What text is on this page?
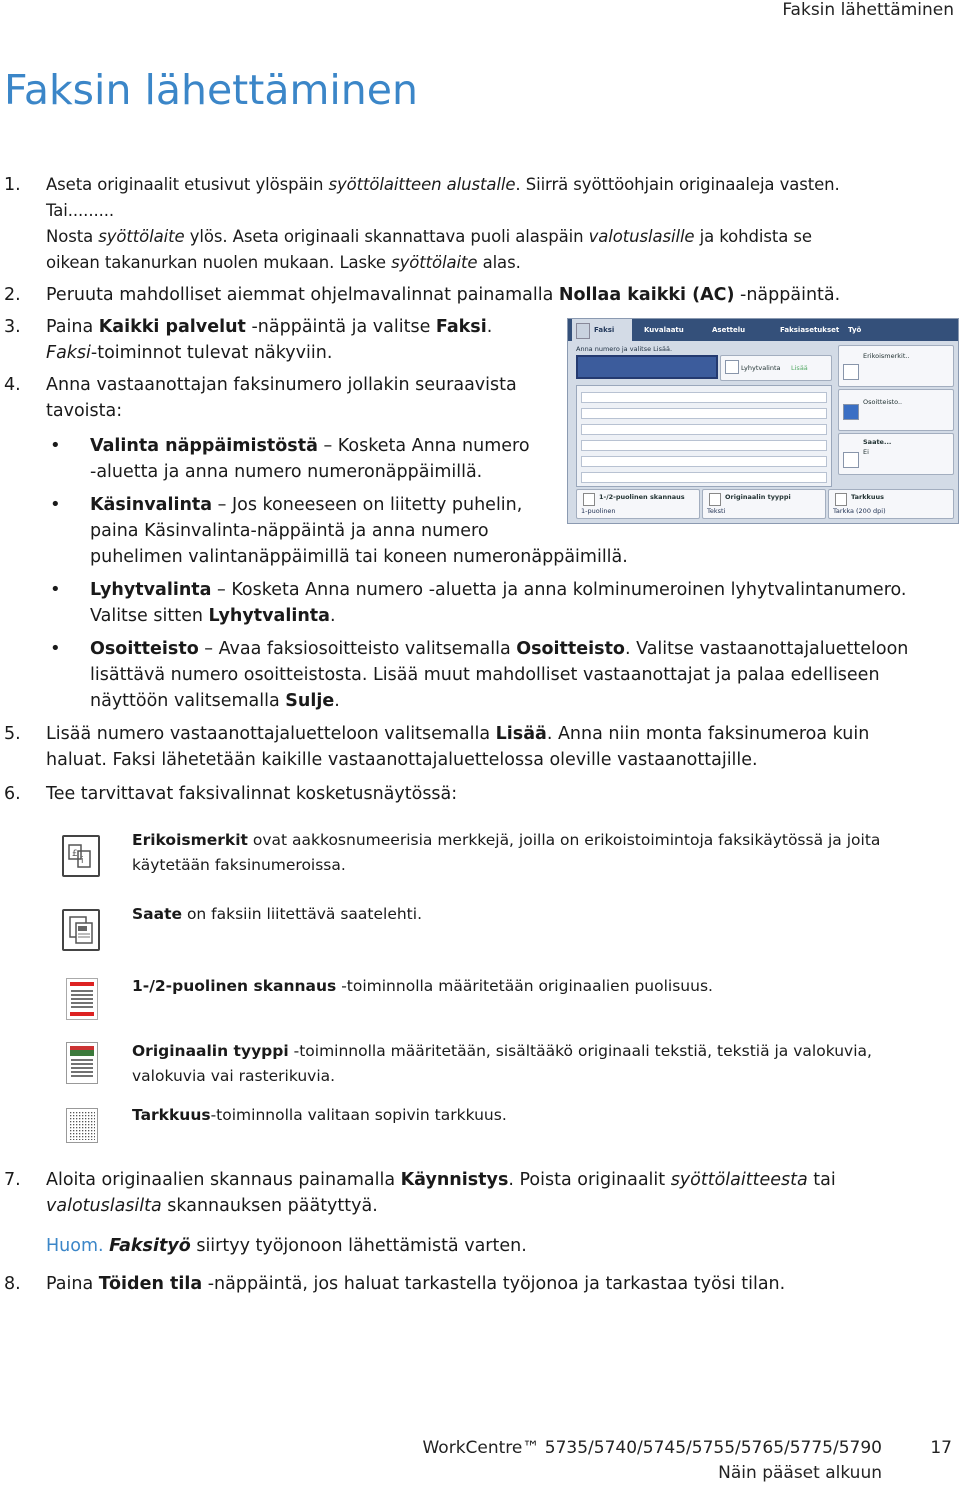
Faksin lähettäminen
Faksin lähettäminen
1.	Aseta originaalit etusivut ylöspäin syöttölaitteen alustalle. Siirrä syöttöohjain originaaleja vasten.
Tai.........
Nosta syöttölaite ylös. Aseta originaali skannattava puoli alaspäin valotuslasille ja kohdista se
oikean takanurkan nuolen mukaan. Laske syöttölaite alas.
2.	Peruuta mahdolliset aiemmat ohjelmavalinnat painamalla Nollaa kaikki (AC) -näppäintä.
3.	Paina Kaikki palvelut -näppäintä ja valitse Faksi.
Faksi-toiminnot tulevat näkyviin.
4.	Anna vastaanottajan faksinumero jollakin seuraavista
tavoista:
• Valinta näppäimistöstä – Kosketa Anna numero
-aluetta ja anna numero numeronäppäimillä.
• Käsinvalinta – Jos koneeseen on liitetty puhelin,
paina Käsinvalinta-näppäintä ja anna numero
puhelimen valintanäppäimillä tai koneen numeronäppäimillä.
• Lyhytvalinta – Kosketa Anna numero -aluetta ja anna kolminumeroinen lyhytvalintanumero.
Valitse sitten Lyhytvalinta.
• Osoitteisto – Avaa faksiosoitteisto valitsemalla Osoitteisto. Valitse vastaanottajaluetteloon
lisättävä numero osoitteistosta. Lisää muut mahdolliset vastaanottajat ja palaa edelliseen
näyttöön valitsemalla Sulje.
5.	Lisää numero vastaanottajaluetteloon valitsemalla Lisää. Anna niin monta faksinumeroa kuin
haluat. Faksi lähetetään kaikille vastaanottajaluettelossa oleville vastaanottajille.
6.	Tee tarvittavat faksivalinnat kosketusnäytössä:
£
i
Erikoismerkit ovat aakkosnumeerisia merkkejä, joilla on erikoistoimintoja faksikäytössä ja joita
käytetään faksinumeroissa.
Saate on faksiin liitettävä saatelehti.
1-/2-puolinen skannaus -toiminnolla määritetään originaalien puolisuus.
Originaalin tyyppi -toiminnolla määritetään, sisältääkö originaali tekstiä, tekstiä ja valokuvia,
valokuvia vai rasterikuvia.
Tarkkuus-toiminnolla valitaan sopivin tarkkuus.
7.	Aloita originaalien skannaus painamalla Käynnistys. Poista originaalit syöttölaitteesta tai
valotuslasilta skannauksen päätyttyä.
Huom. Faksityö siirtyy työjonoon lähettämistä varten.
8.	Paina Töiden tila -näppäintä, jos haluat tarkastella työjonoa ja tarkastaa työsi tilan.
Faksi	Kuvalaatu	Asettelu	Faksiasetukset Työ
Anna numero ja valitse Lisää.
Lyhytvalinta Lisää
Erikoismerkit..
Osoitteisto..
Saate...
Ei
1-/2-puolinen skannaus
1-puolinen
Originaalin tyyppi
Teksti
Tarkkuus
Tarkka (200 dpi)
WorkCentre™ 5735/5740/5745/5755/5765/5775/5790
Näin pääset alkuun
17
